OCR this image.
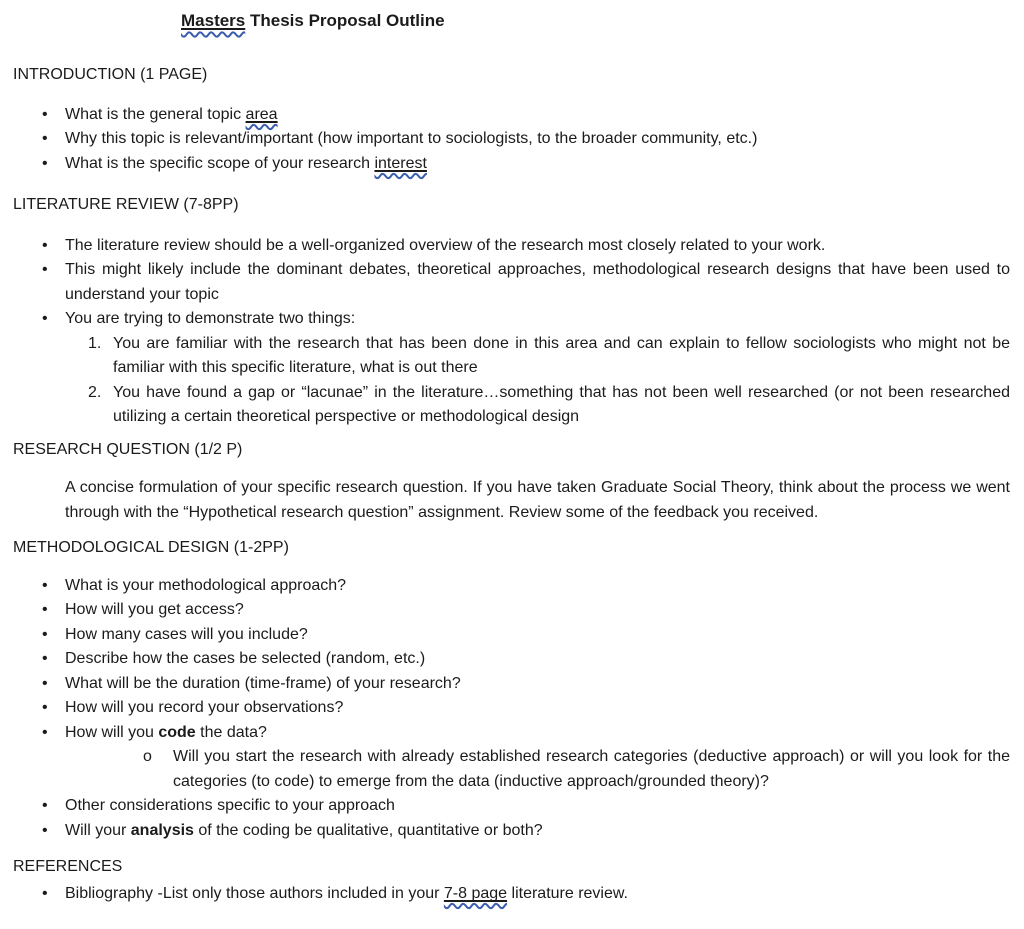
Masters Thesis Proposal Outline
INTRODUCTION (1 PAGE)
• What is the general topic area
• Why this topic is relevant/important (how important to sociologists, to the broader community, etc.)
• What is the specific scope of your research interest
LITERATURE REVIEW (7-8PP)
• The literature review should be a well-organized overview of the research most closely related to your work.
• This might likely include the dominant debates, theoretical approaches, methodological research designs that have been used to understand your topic
• You are trying to demonstrate two things:
1. You are familiar with the research that has been done in this area and can explain to fellow sociologists who might not be familiar with this specific literature, what is out there
2. You have found a gap or “lacunae” in the literature…something that has not been well researched (or not been researched utilizing a certain theoretical perspective or methodological design
RESEARCH QUESTION (1/2 P)
A concise formulation of your specific research question. If you have taken Graduate Social Theory, think about the process we went through with the “Hypothetical research question” assignment. Review some of the feedback you received.
METHODOLOGICAL DESIGN (1-2PP)
• What is your methodological approach?
• How will you get access?
• How many cases will you include?
• Describe how the cases be selected (random, etc.)
• What will be the duration (time-frame) of your research?
• How will you record your observations?
• How will you code the data?
o Will you start the research with already established research categories (deductive approach) or will you look for the categories (to code) to emerge from the data (inductive approach/grounded theory)?
• Other considerations specific to your approach
• Will your analysis of the coding be qualitative, quantitative or both?
REFERENCES
• Bibliography -List only those authors included in your 7-8 page literature review.
